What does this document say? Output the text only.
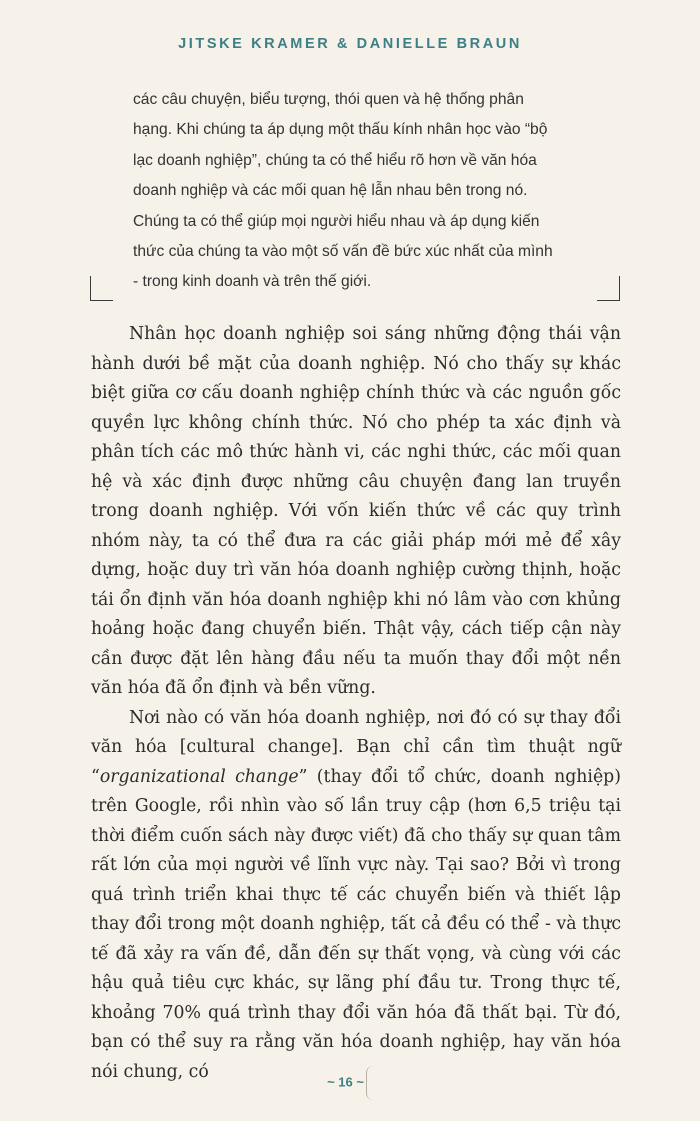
JITSKE KRAMER & DANIELLE BRAUN
các câu chuyện, biểu tượng, thói quen và hệ thống phân
hạng. Khi chúng ta áp dụng một thấu kính nhân học vào “bộ
lạc doanh nghiệp”, chúng ta có thể hiểu rõ hơn về văn hóa
doanh nghiệp và các mối quan hệ lẫn nhau bên trong nó.
Chúng ta có thể giúp mọi người hiểu nhau và áp dụng kiến
thức của chúng ta vào một số vấn đề bức xúc nhất của mình
- trong kinh doanh và trên thế giới.

Nhân học doanh nghiệp soi sáng những động thái vận hành dưới bề mặt của doanh nghiệp. Nó cho thấy sự khác biệt giữa cơ cấu doanh nghiệp chính thức và các nguồn gốc quyền lực không chính thức. Nó cho phép ta xác định và phân tích các mô thức hành vi, các nghi thức, các mối quan hệ và xác định được những câu chuyện đang lan truyền trong doanh nghiệp. Với vốn kiến thức về các quy trình nhóm này, ta có thể đưa ra các giải pháp mới mẻ để xây dựng, hoặc duy trì văn hóa doanh nghiệp cường thịnh, hoặc tái ổn định văn hóa doanh nghiệp khi nó lâm vào cơn khủng hoảng hoặc đang chuyển biến. Thật vậy, cách tiếp cận này cần được đặt lên hàng đầu nếu ta muốn thay đổi một nền văn hóa đã ổn định và bền vững.

Nơi nào có văn hóa doanh nghiệp, nơi đó có sự thay đổi văn hóa [cultural change]. Bạn chỉ cần tìm thuật ngữ “organizational change” (thay đổi tổ chức, doanh nghiệp) trên Google, rồi nhìn vào số lần truy cập (hơn 6,5 triệu tại thời điểm cuốn sách này được viết) đã cho thấy sự quan tâm rất lớn của mọi người về lĩnh vực này. Tại sao? Bởi vì trong quá trình triển khai thực tế các chuyển biến và thiết lập thay đổi trong một doanh nghiệp, tất cả đều có thể - và thực tế đã xảy ra vấn đề, dẫn đến sự thất vọng, và cùng với các hậu quả tiêu cực khác, sự lãng phí đầu tư. Trong thực tế, khoảng 70% quá trình thay đổi văn hóa đã thất bại. Từ đó, bạn có thể suy ra rằng văn hóa doanh nghiệp, hay văn hóa nói chung, có

~ 16 ~
